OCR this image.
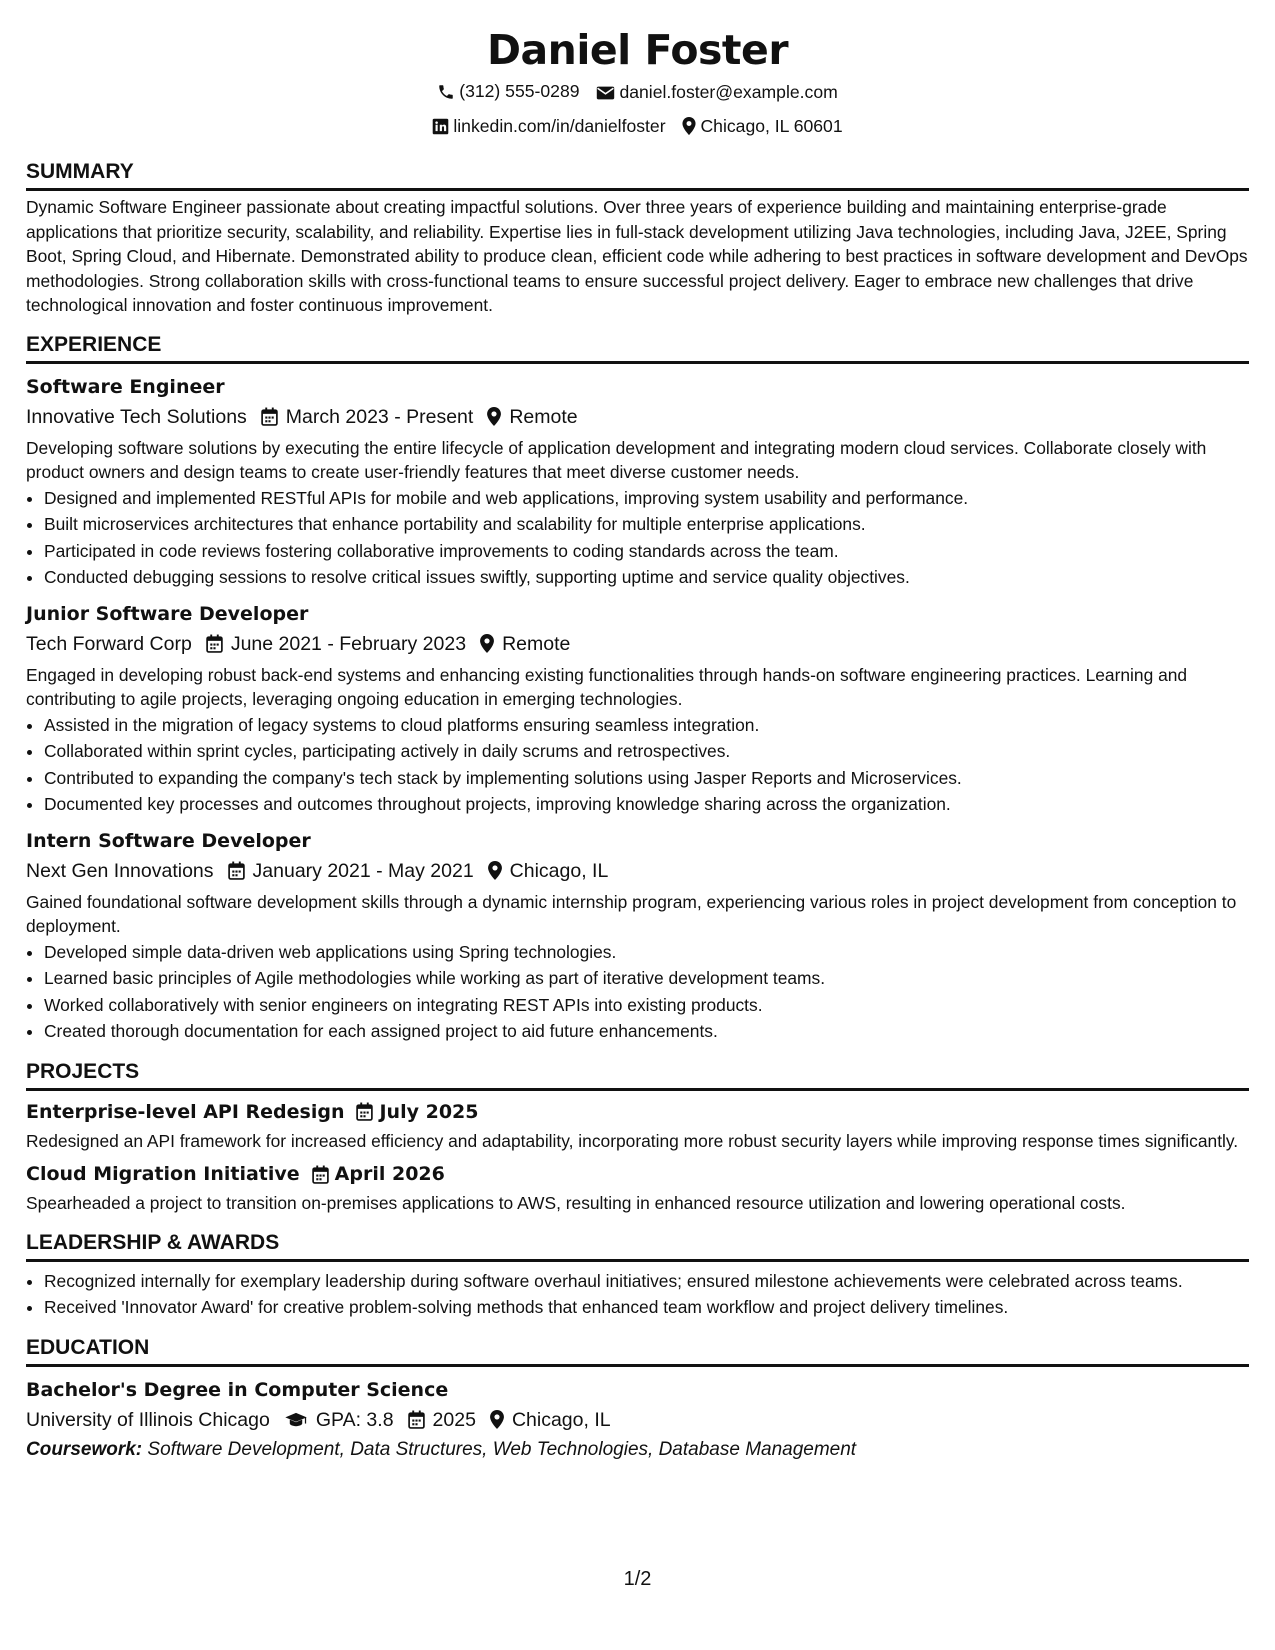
Daniel Foster
(312) 555-0289
daniel.foster@example.com
linkedin.com/in/danielfoster
Chicago, IL 60601
SUMMARY
Dynamic Software Engineer passionate about creating impactful solutions. Over three years of experience building and maintaining enterprise-grade applications that prioritize security, scalability, and reliability. Expertise lies in full-stack development utilizing Java technologies, including Java, J2EE, Spring Boot, Spring Cloud, and Hibernate. Demonstrated ability to produce clean, efficient code while adhering to best practices in software development and DevOps methodologies. Strong collaboration skills with cross-functional teams to ensure successful project delivery. Eager to embrace new challenges that drive technological innovation and foster continuous improvement.
EXPERIENCE
Software Engineer
Innovative Tech Solutions March 2023 - Present Remote
Developing software solutions by executing the entire lifecycle of application development and integrating modern cloud services. Collaborate closely with product owners and design teams to create user-friendly features that meet diverse customer needs.
• Designed and implemented RESTful APIs for mobile and web applications, improving system usability and performance.
• Built microservices architectures that enhance portability and scalability for multiple enterprise applications.
• Participated in code reviews fostering collaborative improvements to coding standards across the team.
• Conducted debugging sessions to resolve critical issues swiftly, supporting uptime and service quality objectives.
Junior Software Developer
Tech Forward Corp June 2021 - February 2023 Remote
Engaged in developing robust back-end systems and enhancing existing functionalities through hands-on software engineering practices. Learning and contributing to agile projects, leveraging ongoing education in emerging technologies.
• Assisted in the migration of legacy systems to cloud platforms ensuring seamless integration.
• Collaborated within sprint cycles, participating actively in daily scrums and retrospectives.
• Contributed to expanding the company's tech stack by implementing solutions using Jasper Reports and Microservices.
• Documented key processes and outcomes throughout projects, improving knowledge sharing across the organization.
Intern Software Developer
Next Gen Innovations January 2021 - May 2021 Chicago, IL
Gained foundational software development skills through a dynamic internship program, experiencing various roles in project development from conception to deployment.
• Developed simple data-driven web applications using Spring technologies.
• Learned basic principles of Agile methodologies while working as part of iterative development teams.
• Worked collaboratively with senior engineers on integrating REST APIs into existing products.
• Created thorough documentation for each assigned project to aid future enhancements.
PROJECTS
Enterprise-level API Redesign July 2025
Redesigned an API framework for increased efficiency and adaptability, incorporating more robust security layers while improving response times significantly.
Cloud Migration Initiative April 2026
Spearheaded a project to transition on-premises applications to AWS, resulting in enhanced resource utilization and lowering operational costs.
LEADERSHIP & AWARDS
• Recognized internally for exemplary leadership during software overhaul initiatives; ensured milestone achievements were celebrated across teams.
• Received 'Innovator Award' for creative problem-solving methods that enhanced team workflow and project delivery timelines.
EDUCATION
Bachelor's Degree in Computer Science
University of Illinois Chicago GPA: 3.8 2025 Chicago, IL
Coursework: Software Development, Data Structures, Web Technologies, Database Management
1/2
